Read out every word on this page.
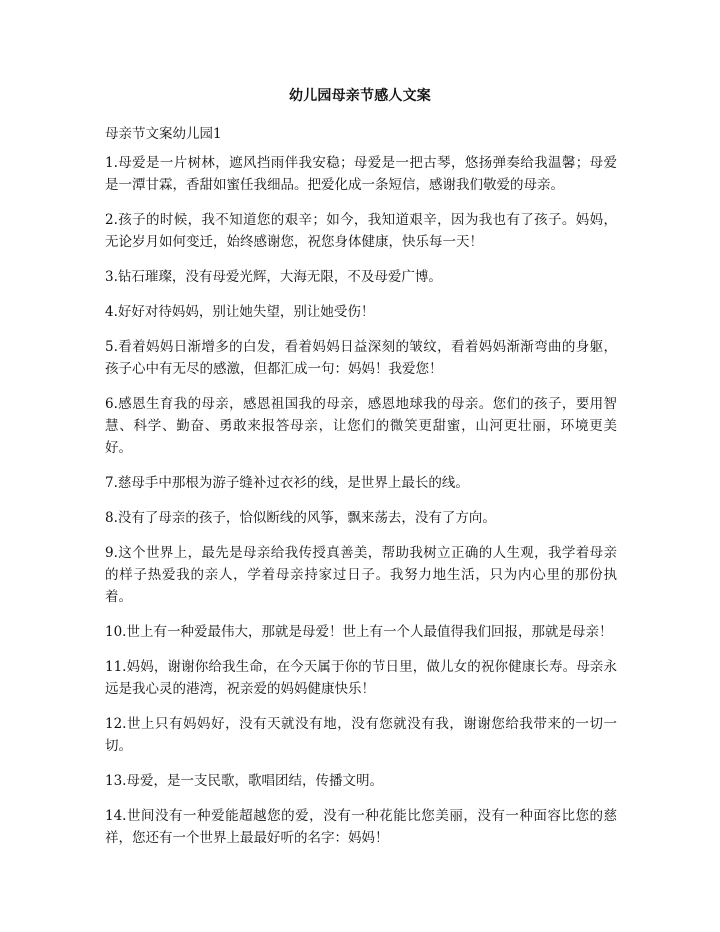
幼儿园母亲节感人文案
母亲节文案幼儿园1

1.母爱是一片树林，遮风挡雨伴我安稳；母爱是一把古琴，悠扬弹奏给我温馨；母爱是一潭甘霖，香甜如蜜任我细品。把爱化成一条短信，感谢我们敬爱的母亲。

2.孩子的时候，我不知道您的艰辛；如今，我知道艰辛，因为我也有了孩子。妈妈，无论岁月如何变迁，始终感谢您，祝您身体健康，快乐每一天！

3.钻石璀璨，没有母爱光辉，大海无限，不及母爱广博。

4.好好对待妈妈，别让她失望，别让她受伤！

5.看着妈妈日渐增多的白发，看着妈妈日益深刻的皱纹，看着妈妈渐渐弯曲的身躯，孩子心中有无尽的感激，但都汇成一句：妈妈！我爱您！

6.感恩生育我的母亲，感恩祖国我的母亲，感恩地球我的母亲。您们的孩子，要用智慧、科学、勤奋、勇敢来报答母亲，让您们的微笑更甜蜜，山河更壮丽，环境更美好。

7.慈母手中那根为游子缝补过衣衫的线，是世界上最长的线。

8.没有了母亲的孩子，恰似断线的风筝，飘来荡去，没有了方向。

9.这个世界上，最先是母亲给我传授真善美，帮助我树立正确的人生观，我学着母亲的样子热爱我的亲人，学着母亲持家过日子。我努力地生活，只为内心里的那份执着。

10.世上有一种爱最伟大，那就是母爱！世上有一个人最值得我们回报，那就是母亲！

11.妈妈，谢谢你给我生命，在今天属于你的节日里，做儿女的祝你健康长寿。母亲永远是我心灵的港湾，祝亲爱的妈妈健康快乐！

12.世上只有妈妈好，没有天就没有地，没有您就没有我，谢谢您给我带来的一切一切。

13.母爱，是一支民歌，歌唱团结，传播文明。

14.世间没有一种爱能超越您的爱，没有一种花能比您美丽，没有一种面容比您的慈祥，您还有一个世界上最最好听的名字：妈妈！
